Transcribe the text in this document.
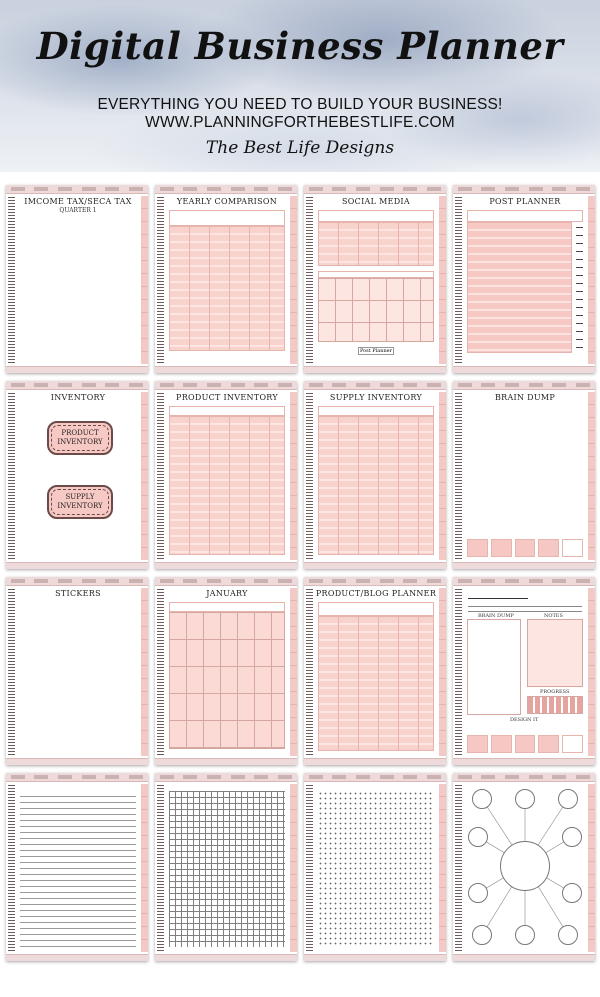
Digital Business Planner
EVERYTHING YOU NEED TO BUILD YOUR BUSINESS!
WWW.PLANNINGFORTHEBESTLIFE.COM
The Best Life Designs
IMCOME TAX/SECA TAX
QUARTER 1
YEARLY COMPARISON	SOCIAL MEDIA
Post Planner
POST PLANNER
INVENTORY
PRODUCT
INVENTORY
SUPPLY
INVENTORY
PRODUCT INVENTORY	SUPPLY INVENTORY	BRAIN DUMP
STICKERS	JANUARY	PRODUCT/BLOG PLANNER
BRAIN DUMP	NOTES
PROGRESS
DESIGN IT
